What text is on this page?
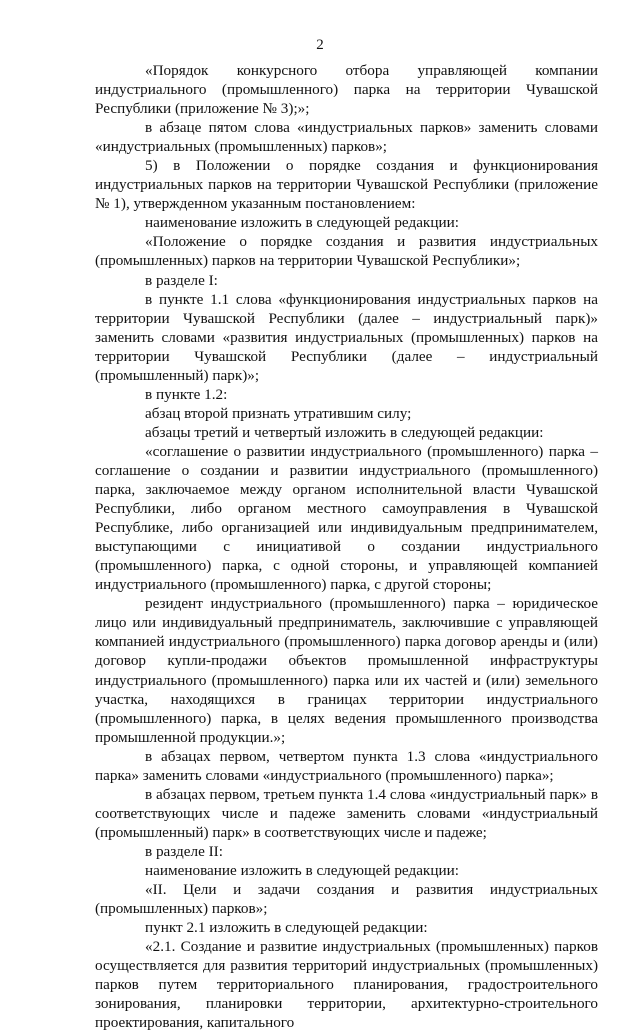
2

«Порядок конкурсного отбора управляющей компании индустриального (промышленного) парка на территории Чувашской Республики (приложение № 3);»;

в абзаце пятом слова «индустриальных парков» заменить словами «индустриальных (промышленных) парков»;

5) в Положении о порядке создания и функционирования индустриальных парков на территории Чувашской Республики (приложение № 1), утвержденном указанным постановлением:

наименование изложить в следующей редакции:

«Положение о порядке создания и развития индустриальных (промышленных) парков на территории Чувашской Республики»;

в разделе I:

в пункте 1.1 слова «функционирования индустриальных парков на территории Чувашской Республики (далее – индустриальный парк)» заменить словами «развития индустриальных (промышленных) парков на территории Чувашской Республики (далее – индустриальный (промышленный) парк)»;

в пункте 1.2:

абзац второй признать утратившим силу;

абзацы третий и четвертый изложить в следующей редакции:

«соглашение о развитии индустриального (промышленного) парка – соглашение о создании и развитии индустриального (промышленного) парка, заключаемое между органом исполнительной власти Чувашской Республики, либо органом местного самоуправления в Чувашской Республике, либо организацией или индивидуальным предпринимателем, выступающими с инициативой о создании индустриального (промышленного) парка, с одной стороны, и управляющей компанией индустриального (промышленного) парка, с другой стороны;

резидент индустриального (промышленного) парка – юридическое лицо или индивидуальный предприниматель, заключившие с управляющей компанией индустриального (промышленного) парка договор аренды и (или) договор купли-продажи объектов промышленной инфраструктуры индустриального (промышленного) парка или их частей и (или) земельного участка, находящихся в границах территории индустриального (промышленного) парка, в целях ведения промышленного производства промышленной продукции.»;

в абзацах первом, четвертом пункта 1.3 слова «индустриального парка» заменить словами «индустриального (промышленного) парка»;

в абзацах первом, третьем пункта 1.4 слова «индустриальный парк» в соответствующих числе и падеже заменить словами «индустриальный (промышленный) парк» в соответствующих числе и падеже;

в разделе II:

наименование изложить в следующей редакции:

«II. Цели и задачи создания и развития индустриальных (промышленных) парков»;

пункт 2.1 изложить в следующей редакции:

«2.1. Создание и развитие индустриальных (промышленных) парков осуществляется для развития территорий индустриальных (промышленных) парков путем территориального планирования, градостроительного зонирования, планировки территории, архитектурно-строительного проектирования, капитального
